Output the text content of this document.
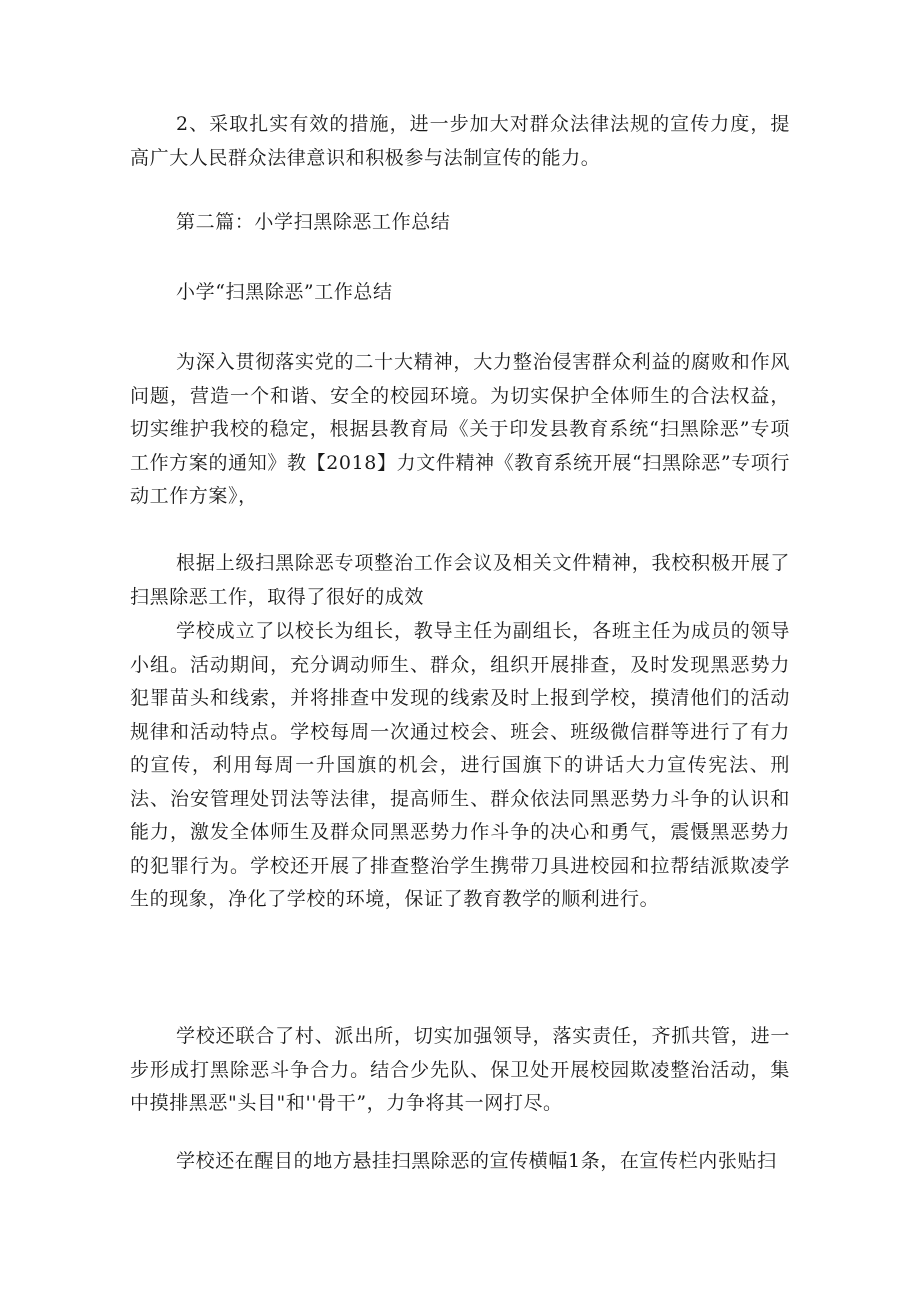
2、采取扎实有效的措施，进一步加大对群众法律法规的宣传力度，提高广大人民群众法律意识和积极参与法制宣传的能力。

第二篇：小学扫黑除恶工作总结

小学“扫黑除恶”工作总结

为深入贯彻落实党的二十大精神，大力整治侵害群众利益的腐败和作风问题，营造一个和谐、安全的校园环境。为切实保护全体师生的合法权益，切实维护我校的稳定，根据县教育局《关于印发县教育系统“扫黑除恶”专项工作方案的通知》教【2018】力文件精神《教育系统开展“扫黑除恶”专项行动工作方案》，

根据上级扫黑除恶专项整治工作会议及相关文件精神，我校积极开展了扫黑除恶工作，取得了很好的成效

学校成立了以校长为组长，教导主任为副组长，各班主任为成员的领导小组。活动期间，充分调动师生、群众，组织开展排查，及时发现黑恶势力犯罪苗头和线索，并将排查中发现的线索及时上报到学校，摸清他们的活动规律和活动特点。学校每周一次通过校会、班会、班级微信群等进行了有力的宣传，利用每周一升国旗的机会，进行国旗下的讲话大力宣传宪法、刑法、治安管理处罚法等法律，提高师生、群众依法同黑恶势力斗争的认识和能力，激发全体师生及群众同黑恶势力作斗争的决心和勇气，震慑黑恶势力的犯罪行为。学校还开展了排查整治学生携带刀具进校园和拉帮结派欺凌学生的现象，净化了学校的环境，保证了教育教学的顺利进行。

学校还联合了村、派出所，切实加强领导，落实责任，齐抓共管，进一步形成打黑除恶斗争合力。结合少先队、保卫处开展校园欺凌整治活动，集中摸排黑恶"头目"和''骨干”，力争将其一网打尽。

学校还在醒目的地方悬挂扫黑除恶的宣传横幅1条，在宣传栏内张贴扫
